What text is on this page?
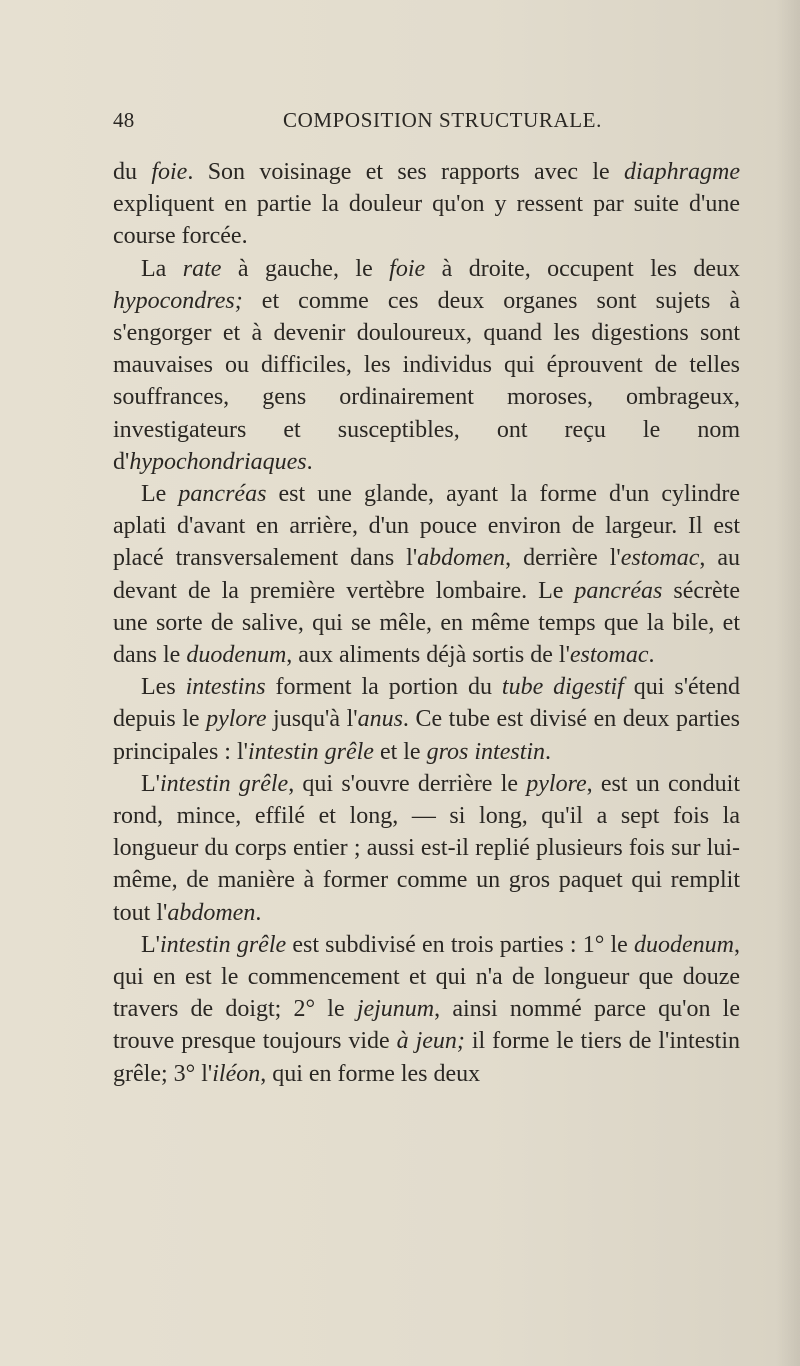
48	COMPOSITION STRUCTURALE.

du foie. Son voisinage et ses rapports avec le diaphragme expliquent en partie la douleur qu'on y ressent par suite d'une course forcée.

La rate à gauche, le foie à droite, occupent les deux hypocondres; et comme ces deux organes sont sujets à s'engorger et à devenir douloureux, quand les digestions sont mauvaises ou difficiles, les individus qui éprouvent de telles souffrances, gens ordinairement moroses, ombrageux, investigateurs et susceptibles, ont reçu le nom d'hypochondriaques.

Le pancréas est une glande, ayant la forme d'un cylindre aplati d'avant en arrière, d'un pouce environ de largeur. Il est placé transversalement dans l'abdomen, derrière l'estomac, au devant de la première vertèbre lombaire. Le pancréas sécrète une sorte de salive, qui se mêle, en même temps que la bile, et dans le duodenum, aux aliments déjà sortis de l'estomac.

Les intestins forment la portion du tube digestif qui s'étend depuis le pylore jusqu'à l'anus. Ce tube est divisé en deux parties principales : l'intestin grêle et le gros intestin.

L'intestin grêle, qui s'ouvre derrière le pylore, est un conduit rond, mince, effilé et long, — si long, qu'il a sept fois la longueur du corps entier ; aussi est-il replié plusieurs fois sur lui-même, de manière à former comme un gros paquet qui remplit tout l'abdomen.

L'intestin grêle est subdivisé en trois parties : 1° le duodenum, qui en est le commencement et qui n'a de longueur que douze travers de doigt; 2° le jejunum, ainsi nommé parce qu'on le trouve presque toujours vide à jeun; il forme le tiers de l'intestin grêle; 3° l'iléon, qui en forme les deux
